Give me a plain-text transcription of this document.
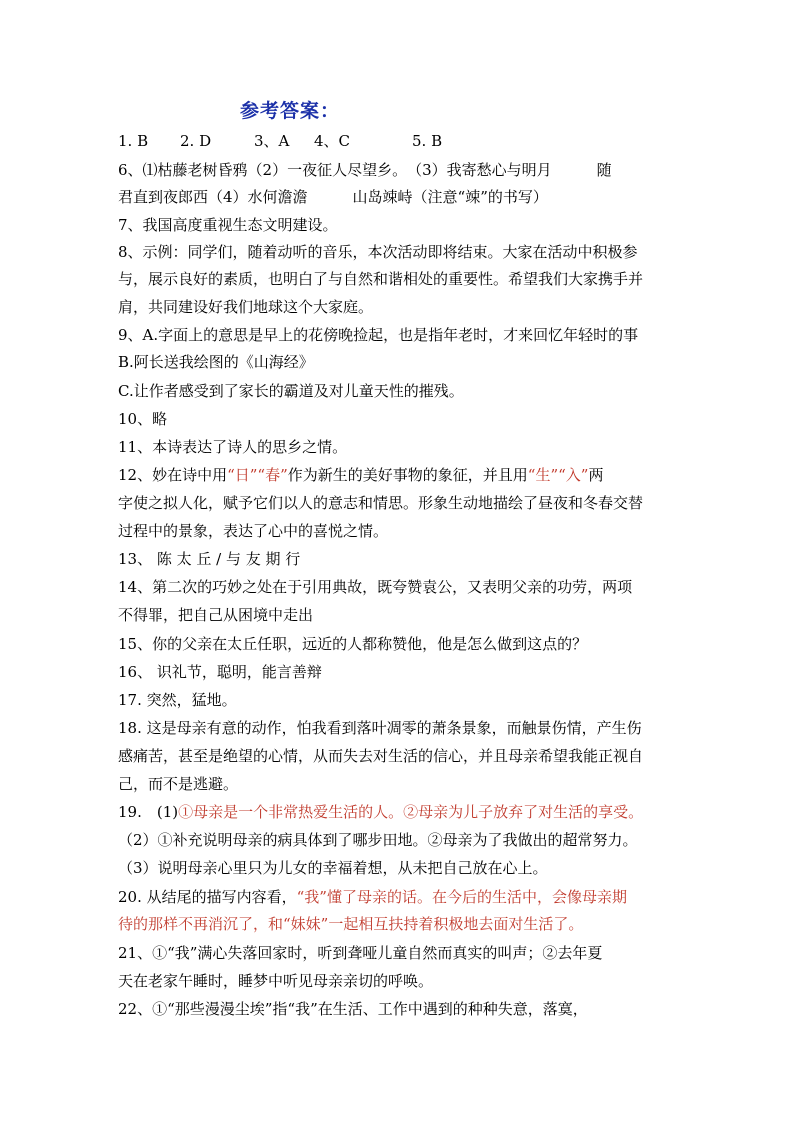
参考答案：
1. B 2. D	3、A 4、C	5. B
6、⑴枯藤老树昏鸦（2）一夜征人尽望乡。　（3）我寄愁心与明月　　　随
君直到夜郎西（4）水何澹澹　　　山岛竦峙（注意“竦”的书写）
7、我国高度重视生态文明建设。
8、示例：同学们，随着动听的音乐，本次活动即将结束。大家在活动中积极参
与，展示良好的素质，也明白了与自然和谐相处的重要性。希望我们大家携手并
肩，共同建设好我们地球这个大家庭。
9、A.字面上的意思是早上的花傍晚捡起，也是指年老时，才来回忆年轻时的事
B.阿长送我绘图的《山海经》
C.让作者感受到了家长的霸道及对儿童天性的摧残。
10、略
11、本诗表达了诗人的思乡之情。
12、妙在诗中用“日”“春”作为新生的美好事物的象征，并且用“生”“入”两
字使之拟人化，赋予它们以人的意志和情思。形象生动地描绘了昼夜和冬春交替
过程中的景象，表达了心中的喜悦之情。
13、 陈 太 丘 / 与 友 期 行
14、第二次的巧妙之处在于引用典故，既夸赞袁公，又表明父亲的功劳，两项
不得罪，把自己从困境中走出
15、你的父亲在太丘任职，远近的人都称赞他，他是怎么做到这点的？
16、 识礼节，聪明，能言善辩
17. 突然，猛地。
18. 这是母亲有意的动作，怕我看到落叶凋零的萧条景象，而触景伤情，产生伤
感痛苦，甚至是绝望的心情，从而失去对生活的信心，并且母亲希望我能正视自
己，而不是逃避。
19.　(1)①母亲是一个非常热爱生活的人。②母亲为儿子放弃了对生活的享受。
（2）①补充说明母亲的病具体到了哪步田地。②母亲为了我做出的超常努力。
（3）说明母亲心里只为儿女的幸福着想，从未把自己放在心上。
20. 从结尾的描写内容看，“我”懂了母亲的话。在今后的生活中，会像母亲期
待的那样不再消沉了，和“妹妹”一起相互扶持着积极地去面对生活了。
21、①“我”满心失落回家时，听到聋哑儿童自然而真实的叫声；②去年夏
天在老家午睡时，睡梦中听见母亲亲切的呼唤。
22、①“那些漫漫尘埃”指“我”在生活、工作中遇到的种种失意，落寞，
